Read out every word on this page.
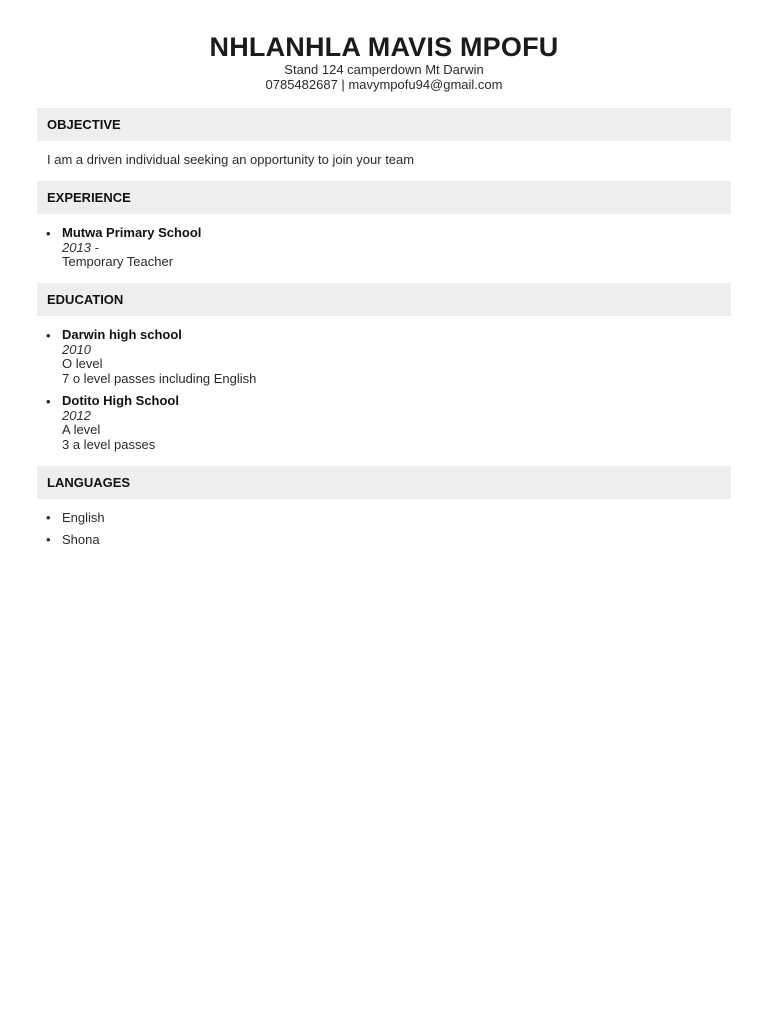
NHLANHLA MAVIS MPOFU
Stand 124 camperdown Mt Darwin
0785482687 | mavympofu94@gmail.com
OBJECTIVE
I am a driven individual seeking an opportunity to join your team
EXPERIENCE
• Mutwa Primary School
2013 -
Temporary Teacher
EDUCATION
• Darwin high school
2010
O level
7 o level passes including English
• Dotito High School
2012
A level
3 a level passes
LANGUAGES
• English
• Shona
